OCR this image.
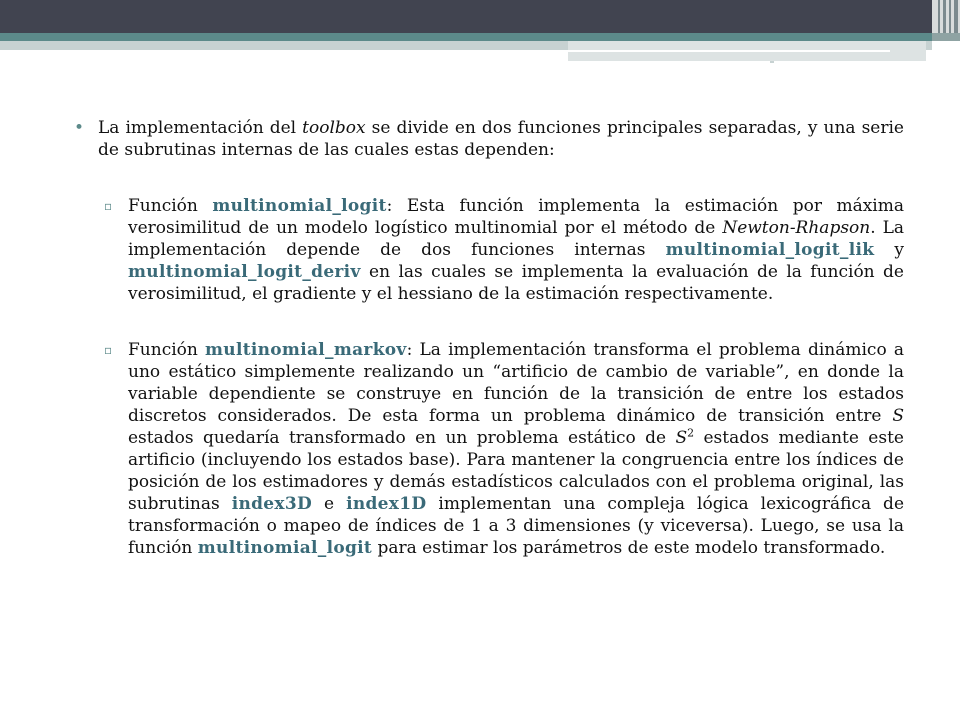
• La implementación del toolbox se divide en dos funciones principales separadas, y una serie de subrutinas internas de las cuales estas dependen:

▫ Función multinomial_logit: Esta función implementa la estimación por máxima verosimilitud de un modelo logístico multinomial por el método de Newton-Rhapson. La implementación depende de dos funciones internas multinomial_logit_lik y multinomial_logit_deriv en las cuales se implementa la evaluación de la función de verosimilitud, el gradiente y el hessiano de la estimación respectivamente.

▫ Función multinomial_markov: La implementación transforma el problema dinámico a uno estático simplemente realizando un “artificio de cambio de variable”, en donde la variable dependiente se construye en función de la transición de entre los estados discretos considerados. De esta forma un problema dinámico de transición entre S estados quedaría transformado en un problema estático de $S^2$ estados mediante este artificio (incluyendo los estados base). Para mantener la congruencia entre los índices de posición de los estimadores y demás estadísticos calculados con el problema original, las subrutinas index3D e index1D implementan una compleja lógica lexicográfica de transformación o mapeo de índices de 1 a 3 dimensiones (y viceversa). Luego, se usa la función multinomial_logit para estimar los parámetros de este modelo transformado.
